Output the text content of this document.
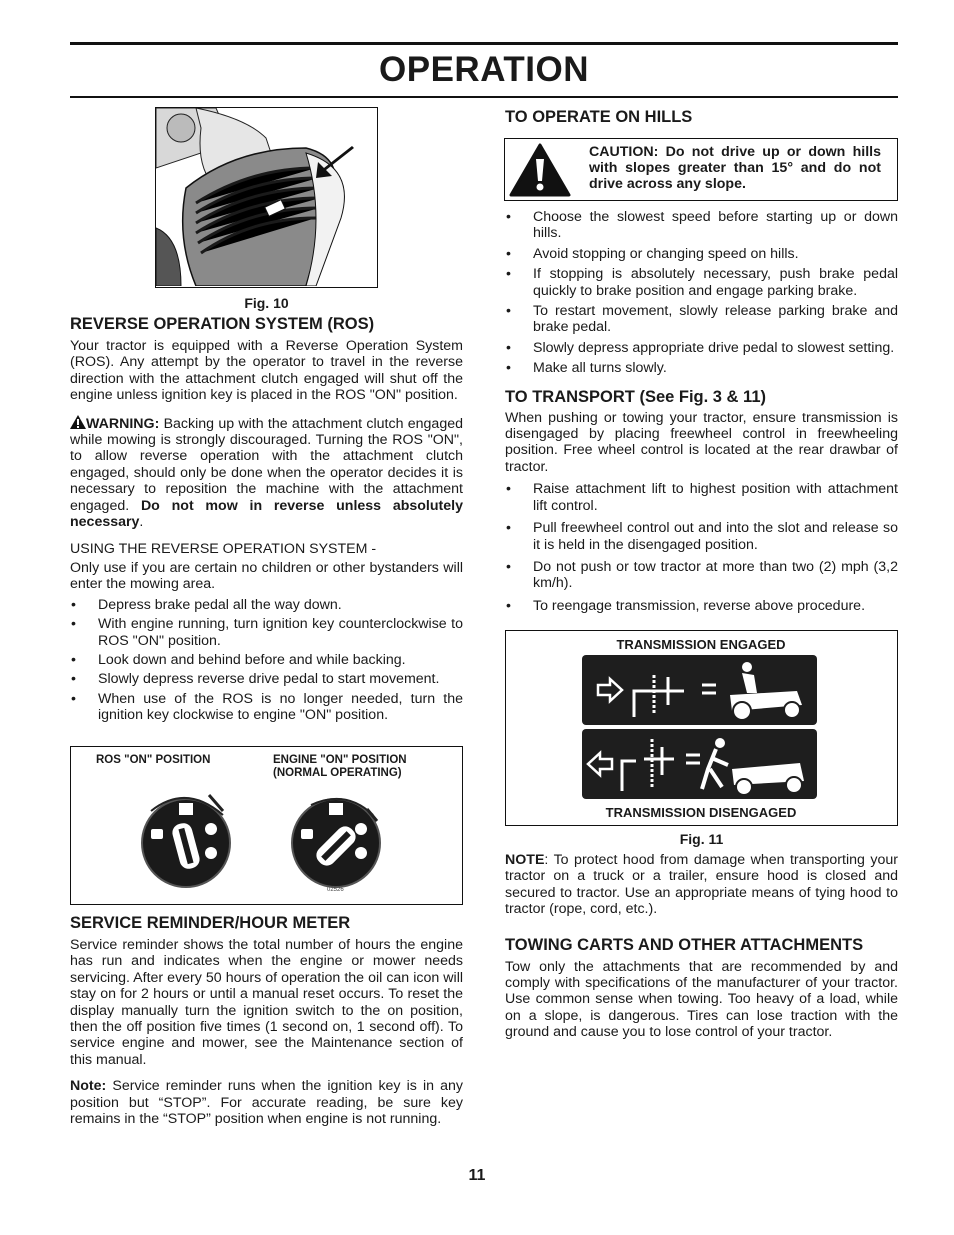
OPERATION
Fig. 10
REVERSE OPERATION SYSTEM (ROS)
Your tractor is equipped with a Reverse Operation System (ROS). Any attempt by the operator to travel in the reverse direction with the attachment clutch engaged will shut off the engine unless ignition key is placed in the ROS "ON" position.
WARNING: Backing up with the attachment clutch engaged while mowing is strongly discouraged. Turning the ROS "ON", to allow reverse operation with the attachment clutch engaged, should only be done when the operator decides it is necessary to reposition the machine with the attachment engaged. Do not mow in reverse unless absolutely necessary.
USING THE REVERSE OPERATION SYSTEM -
Only use if you are certain no children or other bystanders will enter the mowing area.
• Depress brake pedal all the way down.
• With engine running, turn ignition key counterclockwise to ROS "ON" position.
• Look down and behind before and while backing.
• Slowly depress reverse drive pedal to start movement.
• When use of the ROS is no longer needed, turn the ignition key clockwise to engine "ON" position.
ROS "ON" POSITION	ENGINE "ON" POSITION
(NORMAL OPERATING)
02526
SERVICE REMINDER/HOUR METER
Service reminder shows the total number of hours the engine has run and indicates when the engine or mower needs servicing. After every 50 hours of operation the oil can icon will stay on for 2 hours or until a manual reset occurs. To reset the display manually turn the ignition switch to the on position, then the off position five times (1 second on, 1 second off). To service engine and mower, see the Maintenance section of this manual.
Note: Service reminder runs when the ignition key is in any position but “STOP”. For accurate reading, be sure key remains in the “STOP” position when engine is not running.
TO OPERATE ON HILLS
CAUTION: Do not drive up or down hills with slopes greater than 15° and do not drive across any slope.
• Choose the slowest speed before starting up or down hills.
• Avoid stopping or changing speed on hills.
• If stopping is absolutely necessary, push brake pedal quickly to brake position and engage parking brake.
• To restart movement, slowly release parking brake and brake pedal.
• Slowly depress appropriate drive pedal to slowest setting.
• Make all turns slowly.
TO TRANSPORT (See Fig. 3 & 11)
When pushing or towing your tractor, ensure transmission is disengaged by placing freewheel control in freewheeling position. Free wheel control is located at the rear drawbar of tractor.
• Raise attachment lift to highest position with attachment lift control.
• Pull freewheel control out and into the slot and release so it is held in the disengaged position.
• Do not push or tow tractor at more than two (2) mph (3,2 km/h).
• To reengage transmission, reverse above procedure.
TRANSMISSION ENGAGED
TRANSMISSION DISENGAGED
Fig. 11
NOTE: To protect hood from damage when transporting your tractor on a truck or a trailer, ensure hood is closed and secured to tractor. Use an appropriate means of tying hood to tractor (rope, cord, etc.).
TOWING CARTS AND OTHER ATTACHMENTS
Tow only the attachments that are recommended by and comply with specifications of the manufacturer of your tractor. Use common sense when towing. Too heavy of a load, while on a slope, is dangerous. Tires can lose traction with the ground and cause you to lose control of your tractor.
11
